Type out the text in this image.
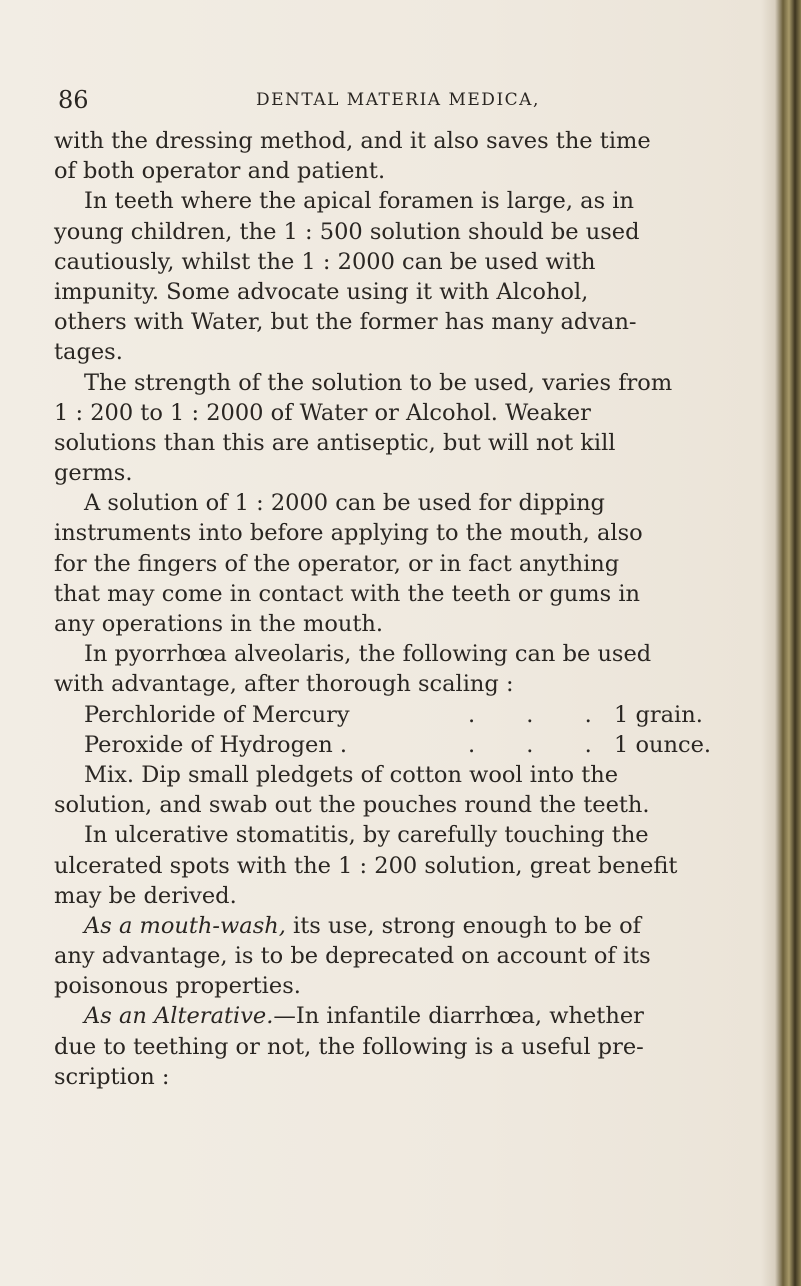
86	DENTAL MATERIA MEDICA,
with the dressing method, and it also saves the time
of both operator and patient.
In teeth where the apical foramen is large, as in
young children, the 1 : 500 solution should be used
cautiously, whilst the 1 : 2000 can be used with
impunity. Some advocate using it with Alcohol,
others with Water, but the former has many advan-
tages.
The strength of the solution to be used, varies from
1 : 200 to 1 : 2000 of Water or Alcohol. Weaker
solutions than this are antiseptic, but will not kill
germs.
A solution of 1 : 2000 can be used for dipping
instruments into before applying to the mouth, also
for the fingers of the operator, or in fact anything
that may come in contact with the teeth or gums in
any operations in the mouth.
In pyorrhœa alveolaris, the following can be used
with advantage, after thorough scaling :
Perchloride of Mercury	. . . 1 grain.
Peroxide of Hydrogen .	. . . 1 ounce.
Mix. Dip small pledgets of cotton wool into the
solution, and swab out the pouches round the teeth.
In ulcerative stomatitis, by carefully touching the
ulcerated spots with the 1 : 200 solution, great benefit
may be derived.
As a mouth-wash, its use, strong enough to be of
any advantage, is to be deprecated on account of its
poisonous properties.
As an Alterative.—In infantile diarrhœa, whether
due to teething or not, the following is a useful pre-
scription :
